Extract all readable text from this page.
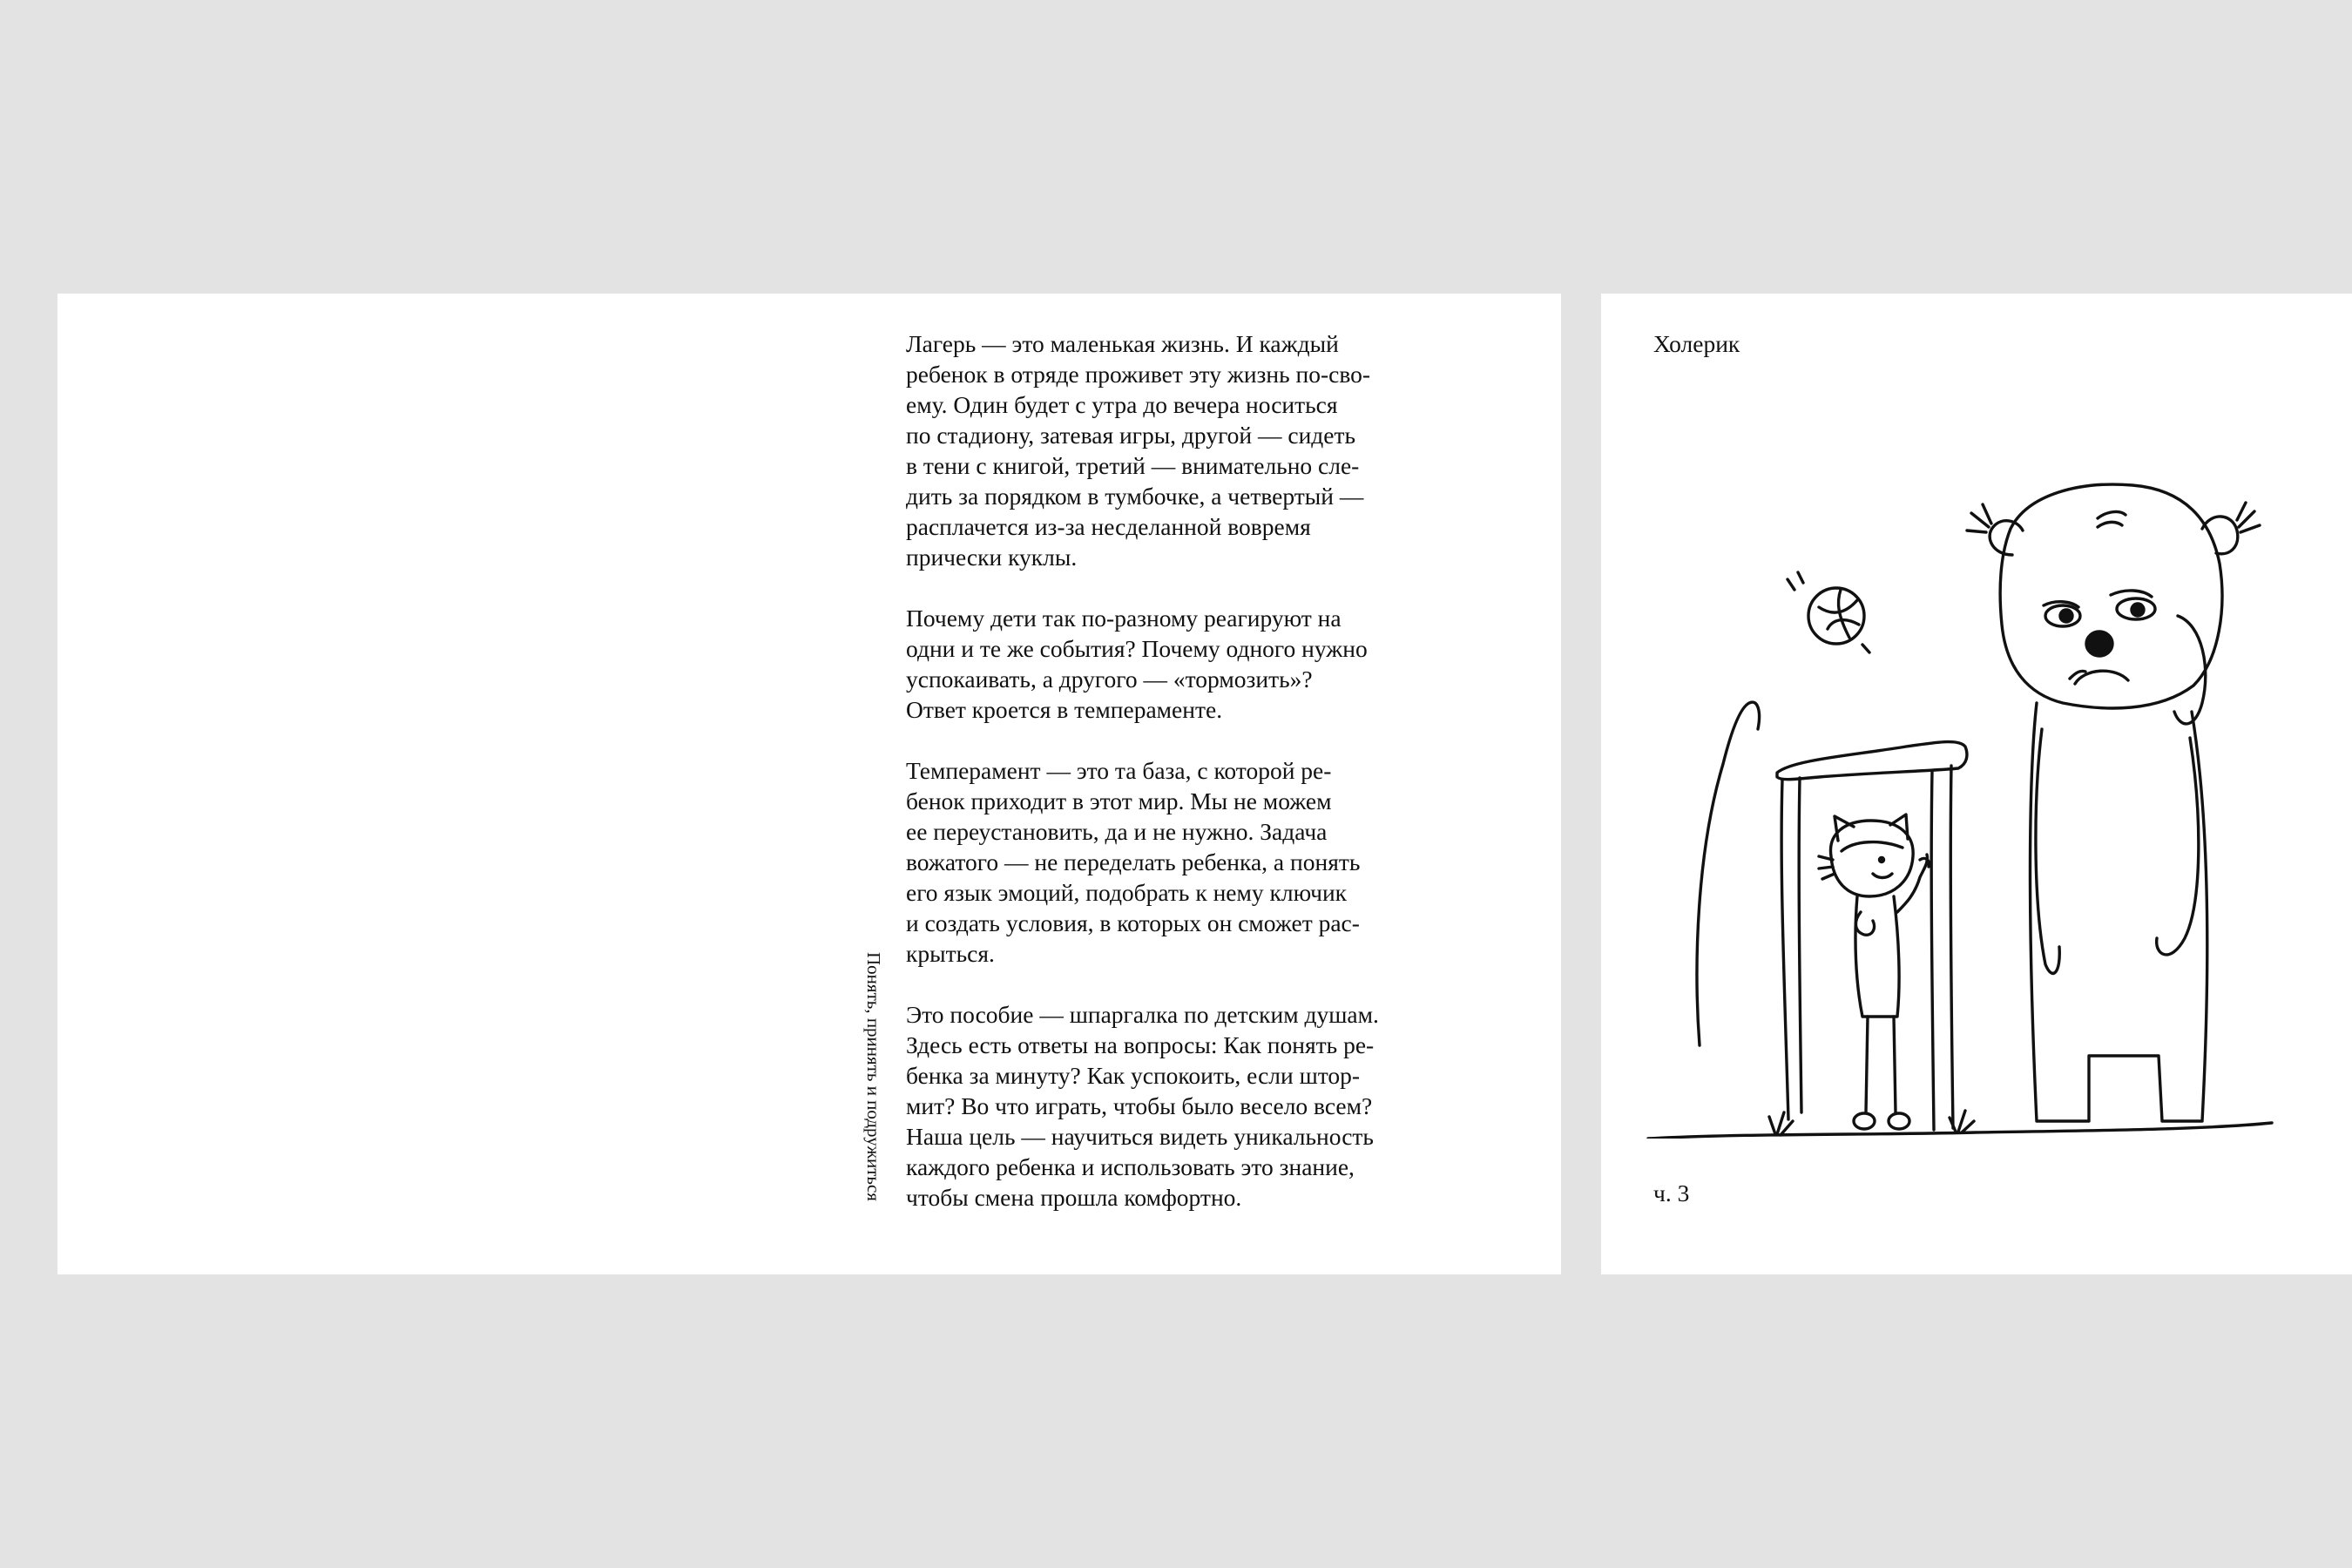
Понять, принять и подружиться

Лагерь — это маленькая жизнь. И каждый
ребенок в отряде проживет эту жизнь по-сво-
ему. Один будет с утра до вечера носиться
по стадиону, затевая игры, другой — сидеть
в тени с книгой, третий — внимательно сле-
дить за порядком в тумбочке, а четвертый —
расплачется из-за несделанной вовремя
прически куклы.

Почему дети так по-разному реагируют на
одни и те же события? Почему одного нужно
успокаивать, а другого — «тормозить»?
Ответ кроется в темпераменте.

Темперамент — это та база, с которой ре-
бенок приходит в этот мир. Мы не можем
ее переустановить, да и не нужно. Задача
вожатого — не переделать ребенка, а понять
его язык эмоций, подобрать к нему ключик
и создать условия, в которых он сможет рас-
крыться.

Это пособие — шпаргалка по детским душам.
Здесь есть ответы на вопросы: Как понять ре-
бенка за минуту? Как успокоить, если штор-
мит? Во что играть, чтобы было весело всем?
Наша цель — научиться видеть уникальность
каждого ребенка и использовать это знание,
чтобы смена прошла комфортно.

Холерик
ч. 3
